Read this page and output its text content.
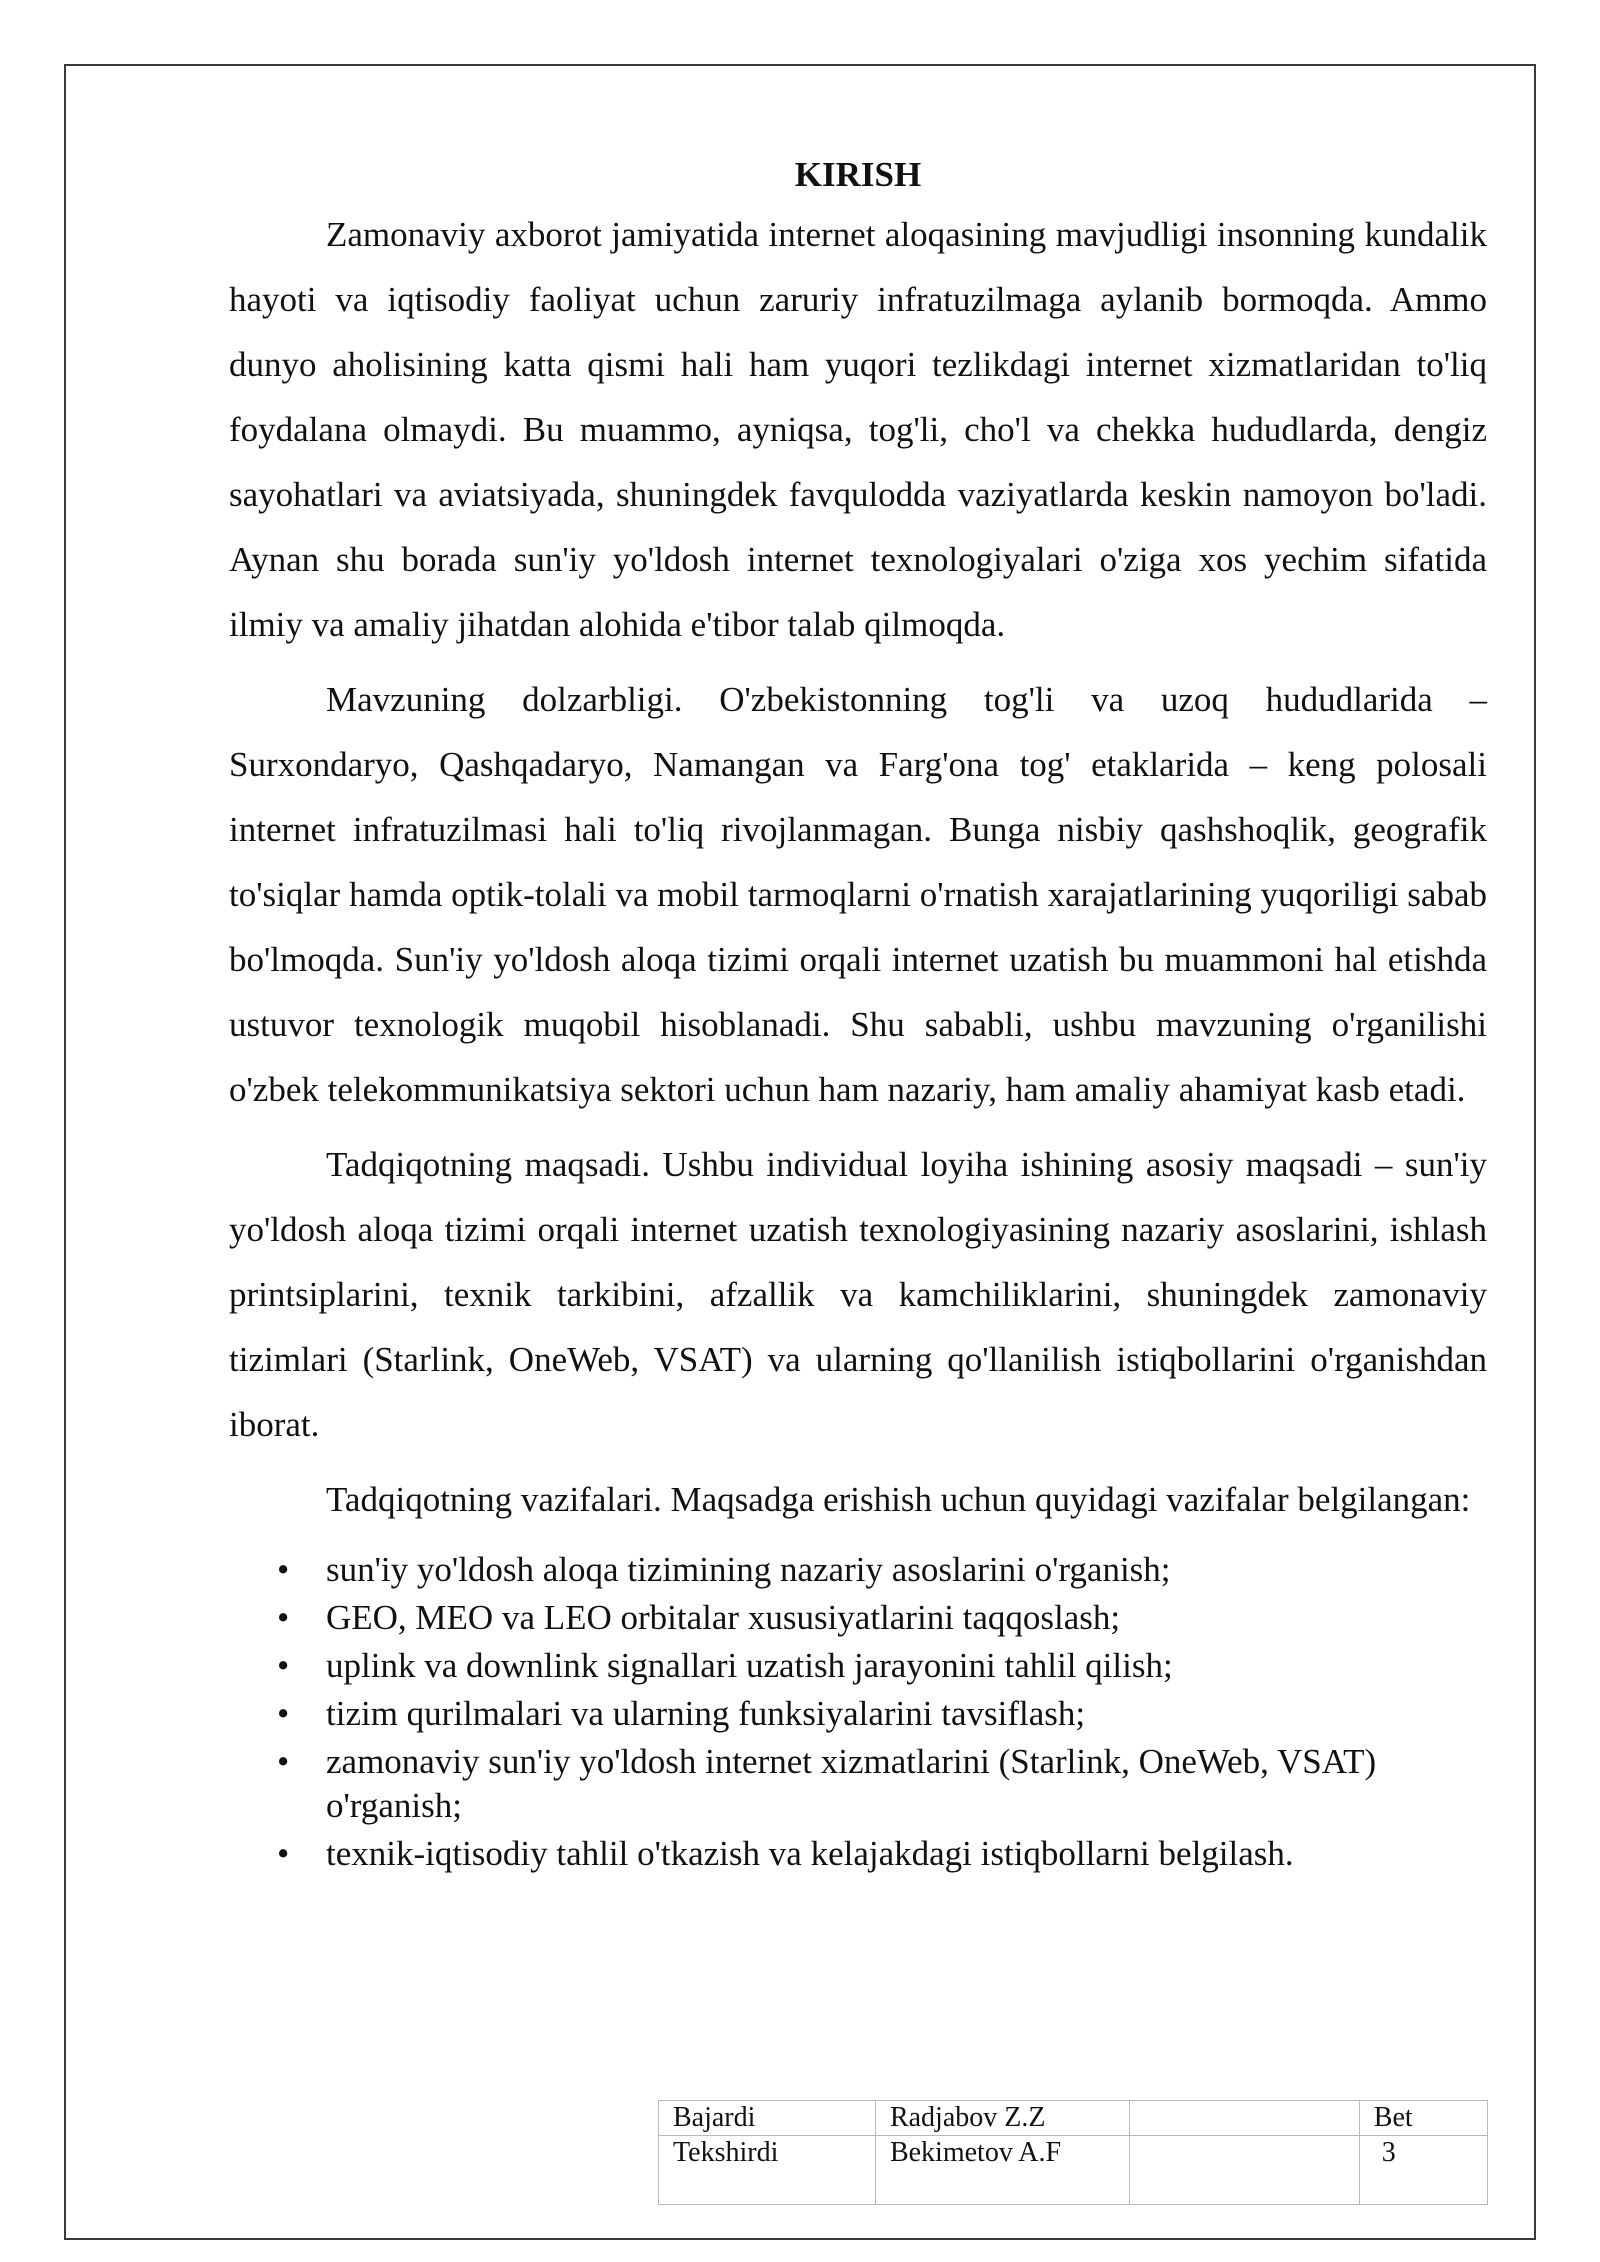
KIRISH

Zamonaviy axborot jamiyatida internet aloqasining mavjudligi insonning kundalik hayoti va iqtisodiy faoliyat uchun zaruriy infratuzilmaga aylanib bormoqda. Ammo dunyo aholisining katta qismi hali ham yuqori tezlikdagi internet xizmatlaridan to'liq foydalana olmaydi. Bu muammo, ayniqsa, tog'li, cho'l va chekka hududlarda, dengiz sayohatlari va aviatsiyada, shuningdek favqulodda vaziyatlarda keskin namoyon bo'ladi. Aynan shu borada sun'iy yo'ldosh internet texnologiyalari o'ziga xos yechim sifatida ilmiy va amaliy jihatdan alohida e'tibor talab qilmoqda.

Mavzuning dolzarbligi. O'zbekistonning tog'li va uzoq hududlarida – Surxondaryo, Qashqadaryo, Namangan va Farg'ona tog' etaklarida – keng polosali internet infratuzilmasi hali to'liq rivojlanmagan. Bunga nisbiy qashshoqlik, geografik to'siqlar hamda optik-tolali va mobil tarmoqlarni o'rnatish xarajatlarining yuqoriligi sabab bo'lmoqda. Sun'iy yo'ldosh aloqa tizimi orqali internet uzatish bu muammoni hal etishda ustuvor texnologik muqobil hisoblanadi. Shu sababli, ushbu mavzuning o'rganilishi o'zbek telekommunikatsiya sektori uchun ham nazariy, ham amaliy ahamiyat kasb etadi.

Tadqiqotning maqsadi. Ushbu individual loyiha ishining asosiy maqsadi – sun'iy yo'ldosh aloqa tizimi orqali internet uzatish texnologiyasining nazariy asoslarini, ishlash printsiplarini, texnik tarkibini, afzallik va kamchiliklarini, shuningdek zamonaviy tizimlari (Starlink, OneWeb, VSAT) va ularning qo'llanilish istiqbollarini o'rganishdan iborat.

Tadqiqotning vazifalari. Maqsadga erishish uchun quyidagi vazifalar belgilangan:

• sun'iy yo'ldosh aloqa tizimining nazariy asoslarini o'rganish;
• GEO, MEO va LEO orbitalar xususiyatlarini taqqoslash;
• uplink va downlink signallari uzatish jarayonini tahlil qilish;
• tizim qurilmalari va ularning funksiyalarini tavsiflash;
• zamonaviy sun'iy yo'ldosh internet xizmatlarini (Starlink, OneWeb, VSAT) o'rganish;
• texnik-iqtisodiy tahlil o'tkazish va kelajakdagi istiqbollarni belgilash.
Bajardi	Radjabov Z.Z		Bet
Tekshirdi	Bekimetov A.F		3
